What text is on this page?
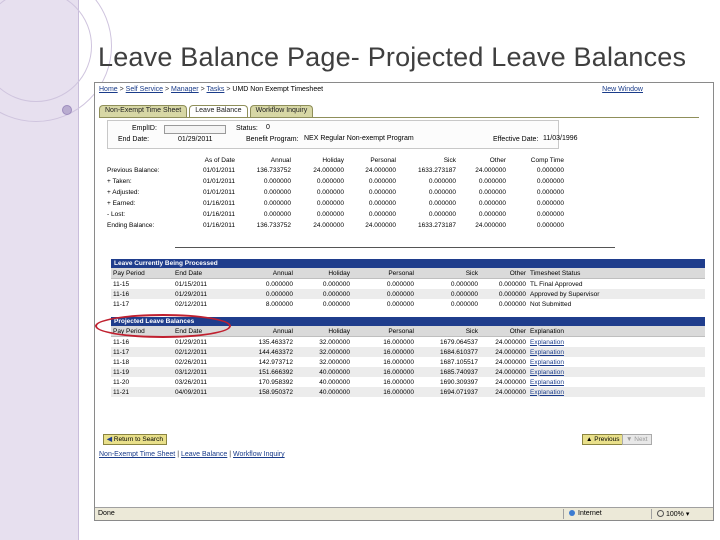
Leave Balance Page- Projected Leave Balances
Home > Self Service > Manager > Tasks > UMD Non Exempt Timesheet	New Window
Non-Exempt Time Sheet	Leave Balance	Workflow Inquiry
EmplID:	Status: 0
End Date:	01/29/2011	Benefit Program: NEX Regular Non-exempt Program	Effective Date: 11/03/1996
	As of Date	Annual	Holiday	Personal	Sick	Other	Comp Time
Previous Balance:	01/01/2011	136.733752	24.000000	24.000000	1633.273187	24.000000	0.000000
+ Taken:	01/01/2011	0.000000	0.000000	0.000000	0.000000	0.000000	0.000000
+ Adjusted:	01/01/2011	0.000000	0.000000	0.000000	0.000000	0.000000	0.000000
+ Earned:	01/16/2011	0.000000	0.000000	0.000000	0.000000	0.000000	0.000000
- Lost:	01/16/2011	0.000000	0.000000	0.000000	0.000000	0.000000	0.000000
Ending Balance:	01/16/2011	136.733752	24.000000	24.000000	1633.273187	24.000000	0.000000
Leave Currently Being Processed
Pay Period	End Date	Annual	Holiday	Personal	Sick	Other	Timesheet Status
11-15	01/15/2011	0.000000	0.000000	0.000000	0.000000	0.000000	TL Final Approved
11-16	01/29/2011	0.000000	0.000000	0.000000	0.000000	0.000000	Approved by Supervisor
11-17	02/12/2011	8.000000	0.000000	0.000000	0.000000	0.000000	Not Submitted
Projected Leave Balances
Pay Period	End Date	Annual	Holiday	Personal	Sick	Other	Explanation
11-16	01/29/2011	135.463372	32.000000	16.000000	1679.064537	24.000000	Explanation
11-17	02/12/2011	144.463372	32.000000	16.000000	1684.610377	24.000000	Explanation
11-18	02/26/2011	142.973712	32.000000	16.000000	1687.105517	24.000000	Explanation
11-19	03/12/2011	151.666392	40.000000	16.000000	1685.740937	24.000000	Explanation
11-20	03/26/2011	170.958392	40.000000	16.000000	1690.309397	24.000000	Explanation
11-21	04/09/2011	158.950372	40.000000	16.000000	1694.071937	24.000000	Explanation
◀ Return to Search	▲ Previous ▼ Next
Non-Exempt Time Sheet | Leave Balance | Workflow Inquiry
Done	Internet	100% ▾
